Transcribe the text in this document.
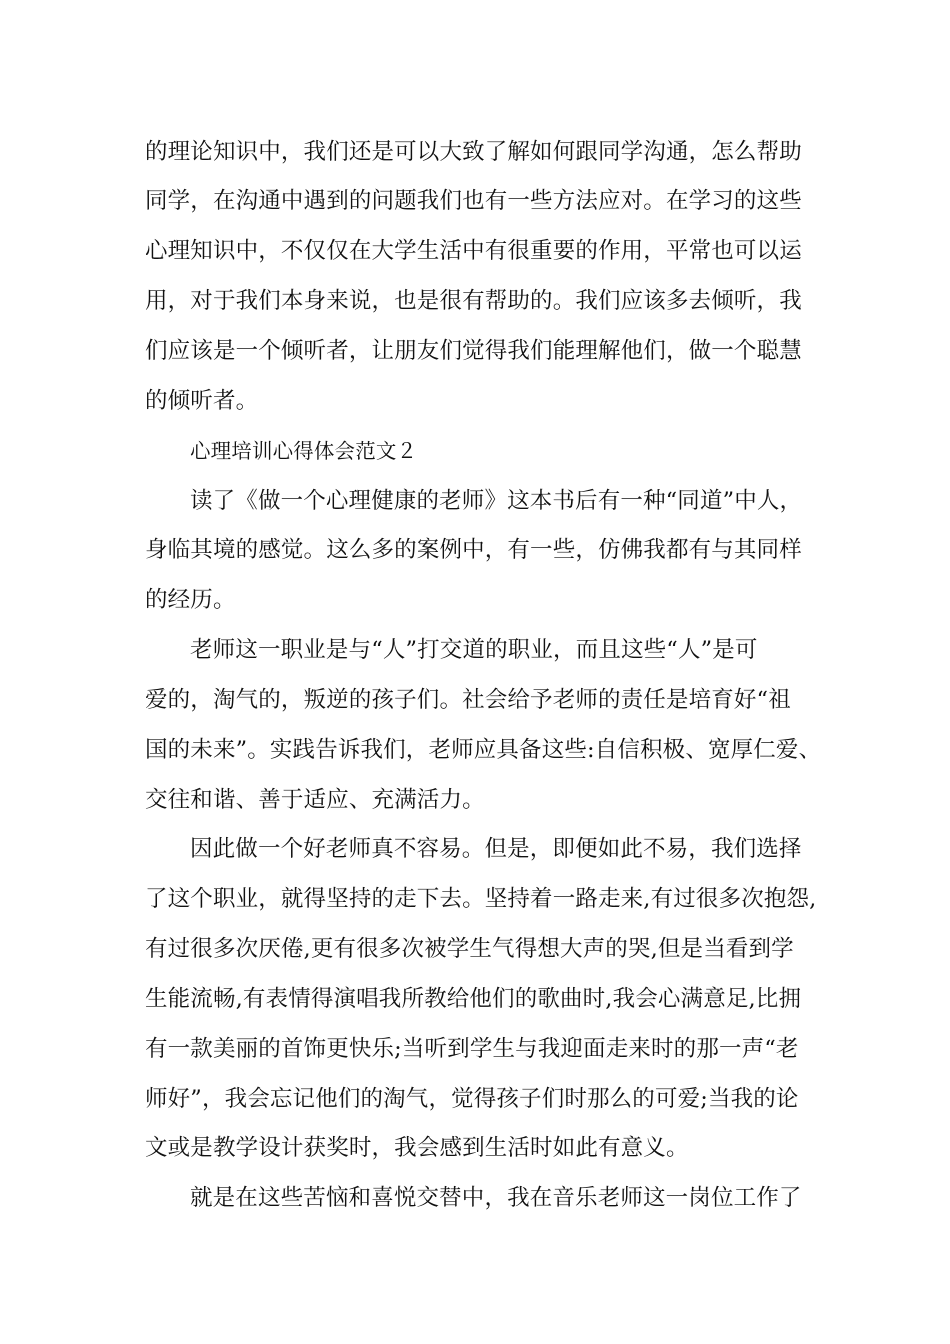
的理论知识中，我们还是可以大致了解如何跟同学沟通，怎么帮助
同学，在沟通中遇到的问题我们也有一些方法应对。在学习的这些
心理知识中，不仅仅在大学生活中有很重要的作用，平常也可以运
用，对于我们本身来说，也是很有帮助的。我们应该多去倾听，我
们应该是一个倾听者，让朋友们觉得我们能理解他们，做一个聪慧
的倾听者。
心理培训心得体会范文２
读了《做一个心理健康的老师》这本书后有一种“同道”中人，
身临其境的感觉。这么多的案例中，有一些，仿佛我都有与其同样
的经历。
老师这一职业是与“人”打交道的职业，而且这些“人”是可
爱的，淘气的，叛逆的孩子们。社会给予老师的责任是培育好“祖
国的未来”。实践告诉我们，老师应具备这些:自信积极、宽厚仁爱、
交往和谐、善于适应、充满活力。
因此做一个好老师真不容易。但是，即便如此不易，我们选择
了这个职业，就得坚持的走下去。坚持着一路走来,有过很多次抱怨,
有过很多次厌倦,更有很多次被学生气得想大声的哭,但是当看到学
生能流畅,有表情得演唱我所教给他们的歌曲时,我会心满意足,比拥
有一款美丽的首饰更快乐;当听到学生与我迎面走来时的那一声“老
师好”，我会忘记他们的淘气，觉得孩子们时那么的可爱;当我的论
文或是教学设计获奖时，我会感到生活时如此有意义。
就是在这些苦恼和喜悦交替中，我在音乐老师这一岗位工作了
